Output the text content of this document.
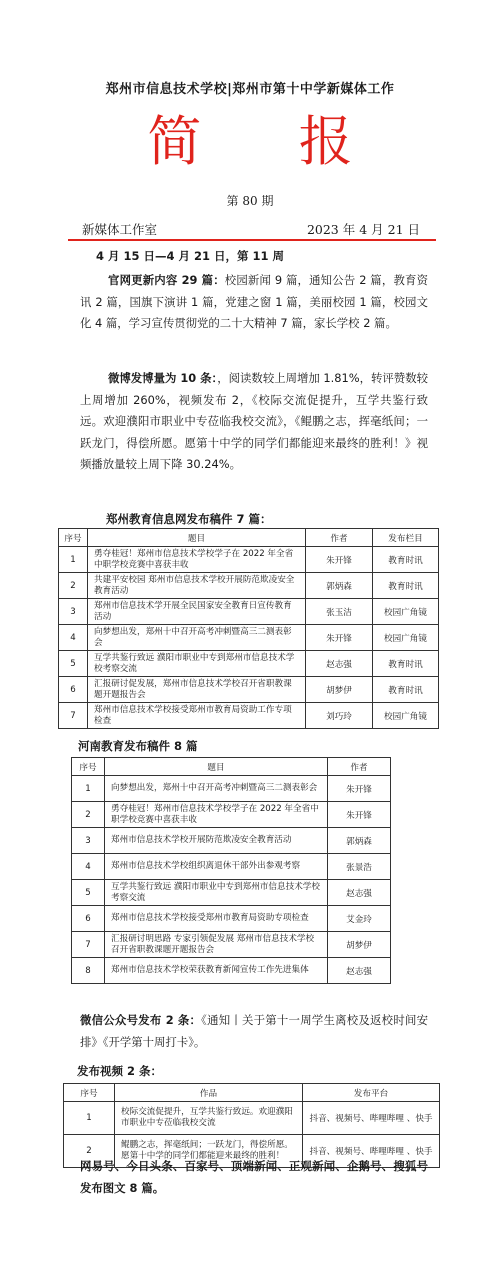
郑州市信息技术学校|郑州市第十中学新媒体工作
简 报
第 80 期
新媒体工作室	2023 年 4 月 21 日
4 月 15 日—4 月 21 日，第 11 周
官网更新内容 29 篇：校园新闻 9 篇，通知公告 2 篇，教育资讯 2 篇，国旗下演讲 1 篇，党建之窗 1 篇，美丽校园 1 篇，校园文化 4 篇，学习宣传贯彻党的二十大精神 7 篇，家长学校 2 篇。
微博发博量为 10 条：，阅读数较上周增加 1.81%，转评赞数较上周增加 260%，视频发布 2，《校际交流促提升，互学共鉴行致远。欢迎濮阳市职业中专莅临我校交流》，《鲲鹏之志，挥毫纸间；一跃龙门，得偿所愿。愿第十中学的同学们都能迎来最终的胜利！》视频播放量较上周下降 30.24%。
郑州教育信息网发布稿件 7 篇：
序号	题目	作者	发布栏目
1	勇夺桂冠！郑州市信息技术学校学子在 2022 年全省中职学校竞赛中喜获丰收	朱开锋	教育时讯
2	共建平安校园 郑州市信息技术学校开展防范欺凌安全教育活动	郭炳森	教育时讯
3	郑州市信息技术学开展全民国家安全教育日宣传教育活动	张玉洁	校园广角镜
4	向梦想出发，郑州十中召开高考冲刺暨高三二测表彰会	朱开锋	校园广角镜
5	互学共鉴行致远 濮阳市职业中专到郑州市信息技术学校考察交流	赵志强	教育时讯
6	汇报研讨促发展，郑州市信息技术学校召开省职教课题开题报告会	胡梦伊	教育时讯
7	郑州市信息技术学校接受郑州市教育局资助工作专项检查	刘巧玲	校园广角镜
河南教育发布稿件 8 篇
序号	题目	作者
1	向梦想出发，郑州十中召开高考冲刺暨高三二测表彰会	朱开锋
2	勇夺桂冠！郑州市信息技术学校学子在 2022 年全省中职学校竞赛中喜获丰收	朱开锋
3	郑州市信息技术学校开展防范欺凌安全教育活动	郭炳森
4	郑州市信息技术学校组织离退休干部外出参观考察	张景浩
5	互学共鉴行致远 濮阳市职业中专到郑州市信息技术学校考察交流	赵志强
6	郑州市信息技术学校接受郑州市教育局资助专项检查	艾金玲
7	汇报研讨明思路 专家引领促发展 郑州市信息技术学校召开省职教课题开题报告会	胡梦伊
8	郑州市信息技术学校荣获教育新闻宣传工作先进集体	赵志强
微信公众号发布 2 条：《通知丨关于第十一周学生离校及返校时间安排》《开学第十周打卡》。
发布视频 2 条：
序号	作品	发布平台
1	校际交流促提升，互学共鉴行致远。欢迎濮阳市职业中专莅临我校交流	抖音、视频号、哔哩哔哩 、快手
2	鲲鹏之志，挥毫纸间；一跃龙门，得偿所愿。愿第十中学的同学们都能迎来最终的胜利！	抖音、视频号、哔哩哔哩 、快手
网易号、今日头条、百家号、顶端新闻、正观新闻、企鹅号、搜狐号发布图文 8 篇。
